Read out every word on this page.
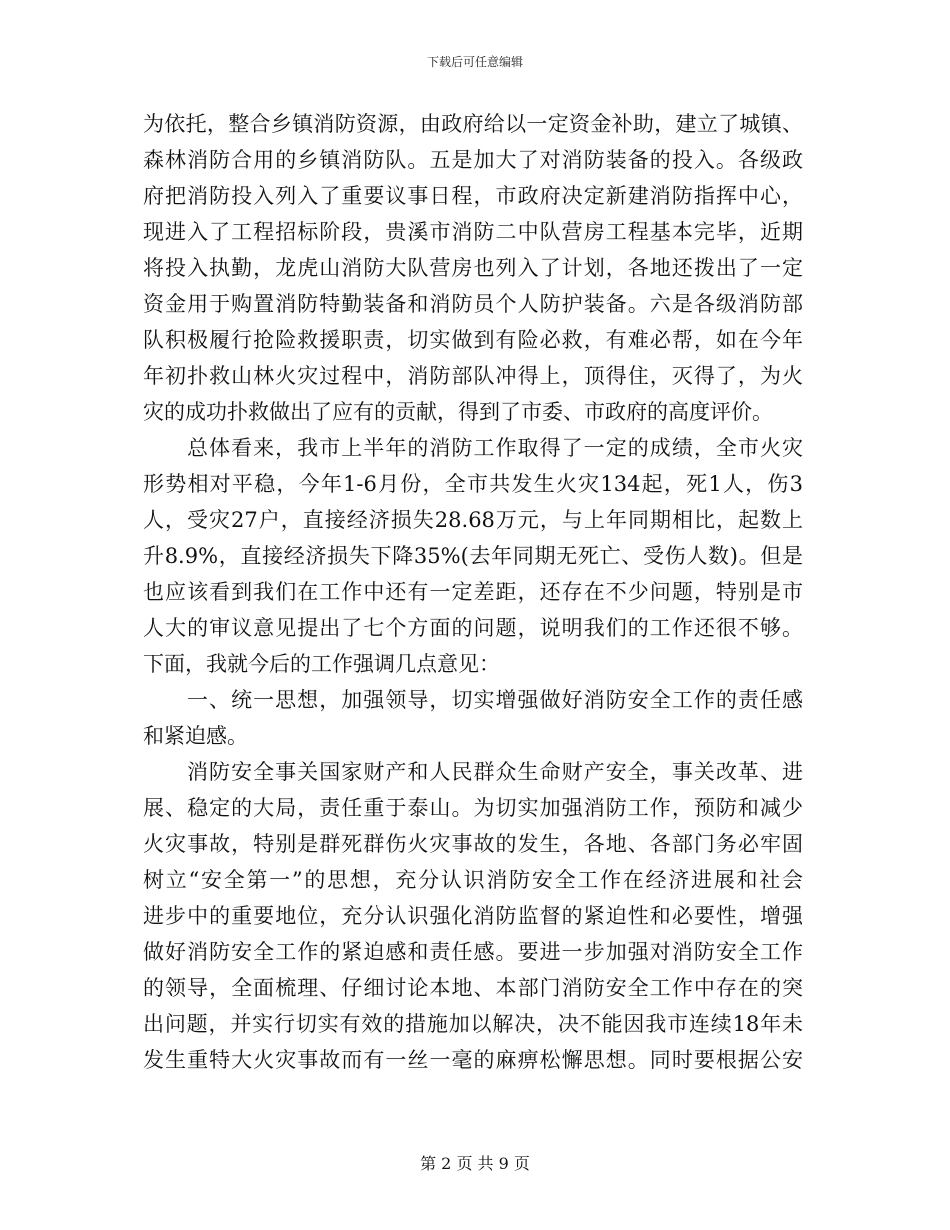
下载后可任意编辑
为依托，整合乡镇消防资源，由政府给以一定资金补助，建立了城镇、
森林消防合用的乡镇消防队。五是加大了对消防装备的投入。各级政
府把消防投入列入了重要议事日程，市政府决定新建消防指挥中心，
现进入了工程招标阶段，贵溪市消防二中队营房工程基本完毕，近期
将投入执勤，龙虎山消防大队营房也列入了计划，各地还拨出了一定
资金用于购置消防特勤装备和消防员个人防护装备。六是各级消防部
队积极履行抢险救援职责，切实做到有险必救，有难必帮，如在今年
年初扑救山林火灾过程中，消防部队冲得上，顶得住，灭得了，为火
灾的成功扑救做出了应有的贡献，得到了市委、市政府的高度评价。
总体看来，我市上半年的消防工作取得了一定的成绩，全市火灾
形势相对平稳，今年1-6月份，全市共发生火灾134起，死1人，伤3
人，受灾27户，直接经济损失28.68万元，与上年同期相比，起数上
升8.9%，直接经济损失下降35%(去年同期无死亡、受伤人数)。但是
也应该看到我们在工作中还有一定差距，还存在不少问题，特别是市
人大的审议意见提出了七个方面的问题，说明我们的工作还很不够。
下面，我就今后的工作强调几点意见：
一、统一思想，加强领导，切实增强做好消防安全工作的责任感
和紧迫感。
消防安全事关国家财产和人民群众生命财产安全，事关改革、进
展、稳定的大局，责任重于泰山。为切实加强消防工作，预防和减少
火灾事故，特别是群死群伤火灾事故的发生，各地、各部门务必牢固
树立“安全第一”的思想，充分认识消防安全工作在经济进展和社会
进步中的重要地位，充分认识强化消防监督的紧迫性和必要性，增强
做好消防安全工作的紧迫感和责任感。要进一步加强对消防安全工作
的领导，全面梳理、仔细讨论本地、本部门消防安全工作中存在的突
出问题，并实行切实有效的措施加以解决，决不能因我市连续18年未
发生重特大火灾事故而有一丝一毫的麻痹松懈思想。同时要根据公安
第 2 页 共 9 页
